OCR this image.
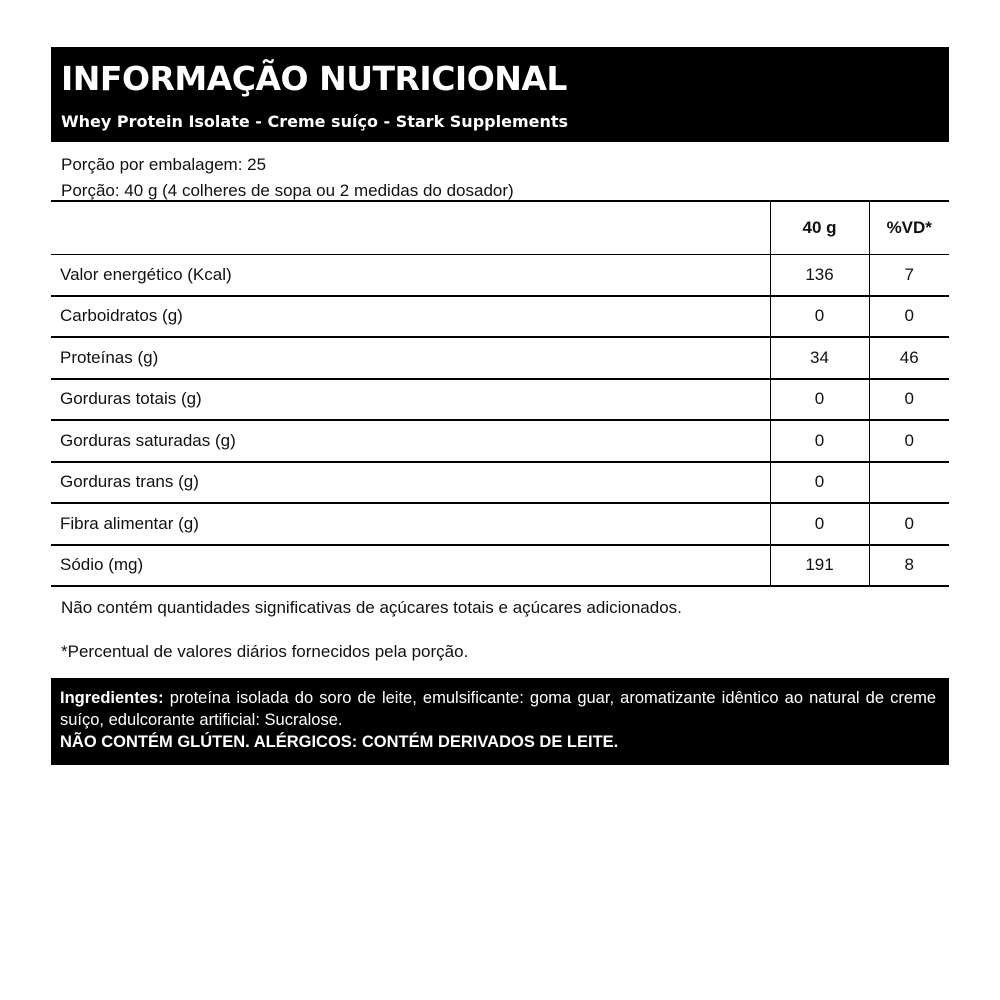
INFORMAÇÃO NUTRICIONAL
Whey Protein Isolate - Creme suíço - Stark Supplements
Porção por embalagem: 25
Porção: 40 g (4 colheres de sopa ou 2 medidas do dosador)
	40 g	%VD*
Valor energético (Kcal)	136	7
Carboidratos (g)	0	0
Proteínas (g)	34	46
Gorduras totais (g)	0	0
Gorduras saturadas (g)	0	0
Gorduras trans (g)	0	
Fibra alimentar (g)	0	0
Sódio (mg)	191	8
Não contém quantidades significativas de açúcares totais e açúcares adicionados.
*Percentual de valores diários fornecidos pela porção.
Ingredientes: proteína isolada do soro de leite, emulsificante: goma guar, aromatizante idêntico ao natural de creme suíço, edulcorante artificial: Sucralose.
NÃO CONTÉM GLÚTEN. ALÉRGICOS: CONTÉM DERIVADOS DE LEITE.
